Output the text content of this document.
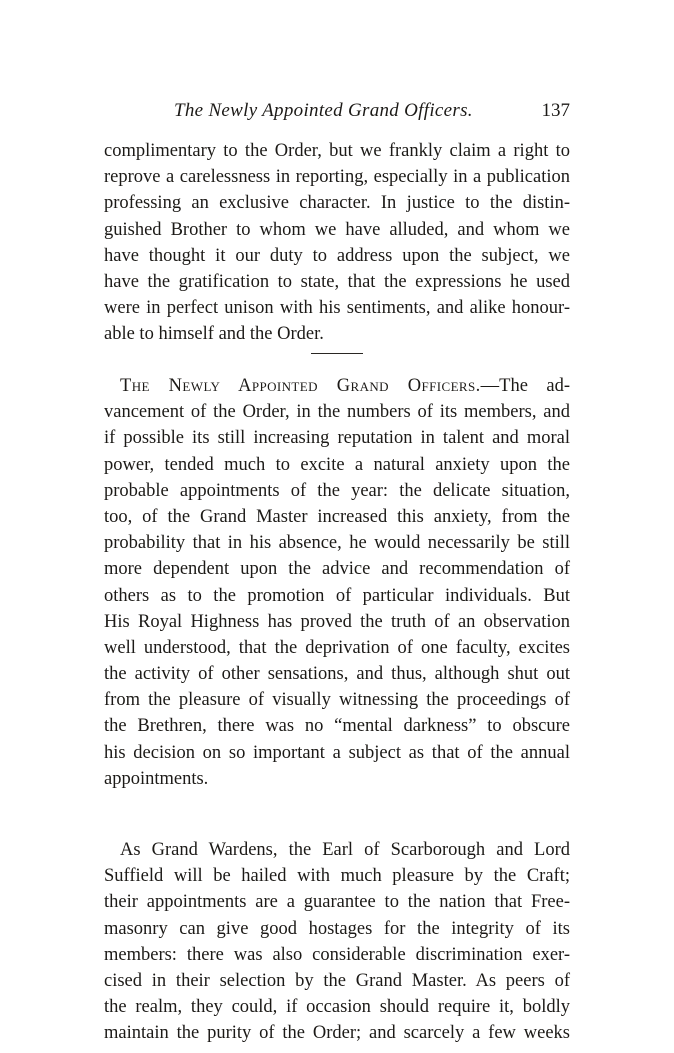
The Newly Appointed Grand Officers.	137
complimentary to the Order, but we frankly claim a right to
reprove a carelessness in reporting, especially in a publication
professing an exclusive character. In justice to the distin-
guished Brother to whom we have alluded, and whom we
have thought it our duty to address upon the subject, we
have the gratification to state, that the expressions he used
were in perfect unison with his sentiments, and alike honour-
able to himself and the Order.
The Newly Appointed Grand Officers.—The ad-
vancement of the Order, in the numbers of its members, and
if possible its still increasing reputation in talent and moral
power, tended much to excite a natural anxiety upon the
probable appointments of the year: the delicate situation,
too, of the Grand Master increased this anxiety, from the
probability that in his absence, he would necessarily be still
more dependent upon the advice and recommendation of
others as to the promotion of particular individuals. But
His Royal Highness has proved the truth of an observation
well understood, that the deprivation of one faculty, excites
the activity of other sensations, and thus, although shut out
from the pleasure of visually witnessing the proceedings of
the Brethren, there was no “mental darkness” to obscure
his decision on so important a subject as that of the annual
appointments.
As Grand Wardens, the Earl of Scarborough and Lord
Suffield will be hailed with much pleasure by the Craft;
their appointments are a guarantee to the nation that Free-
masonry can give good hostages for the integrity of its
members: there was also considerable discrimination exer-
cised in their selection by the Grand Master. As peers of
the realm, they could, if occasion should require it, boldly
maintain the purity of the Order; and scarcely a few weeks
